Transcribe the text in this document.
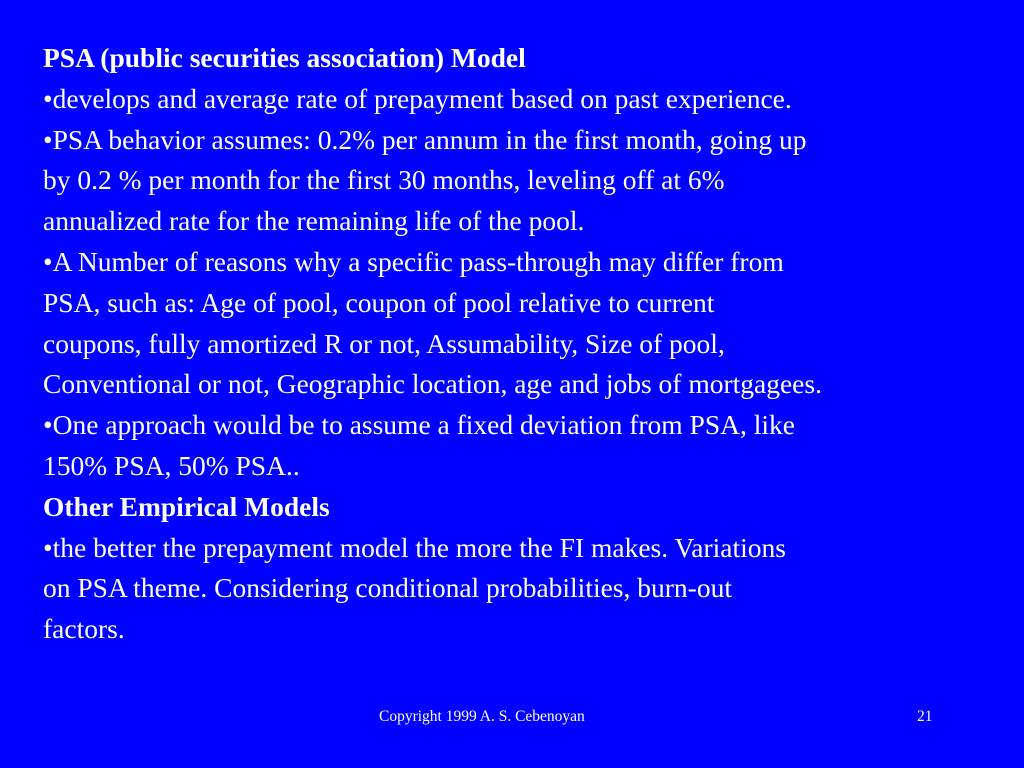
PSA (public securities association) Model
•develops and average rate of prepayment based on past experience.
•PSA behavior assumes: 0.2% per annum in the first month, going up
by 0.2 % per month for the first 30 months, leveling off at 6%
annualized rate for the remaining life of the pool.
•A Number of reasons why a specific pass-through may differ from
PSA, such as: Age of pool, coupon of pool relative to current
coupons, fully amortized R or not, Assumability, Size of pool,
Conventional or not, Geographic location, age and jobs of mortgagees.
•One approach would be to assume a fixed deviation from PSA, like
150% PSA, 50% PSA..
Other Empirical Models
•the better the prepayment model the more the FI makes. Variations
on PSA theme. Considering conditional probabilities, burn-out
factors.
Copyright 1999 A. S. Cebenoyan	21
